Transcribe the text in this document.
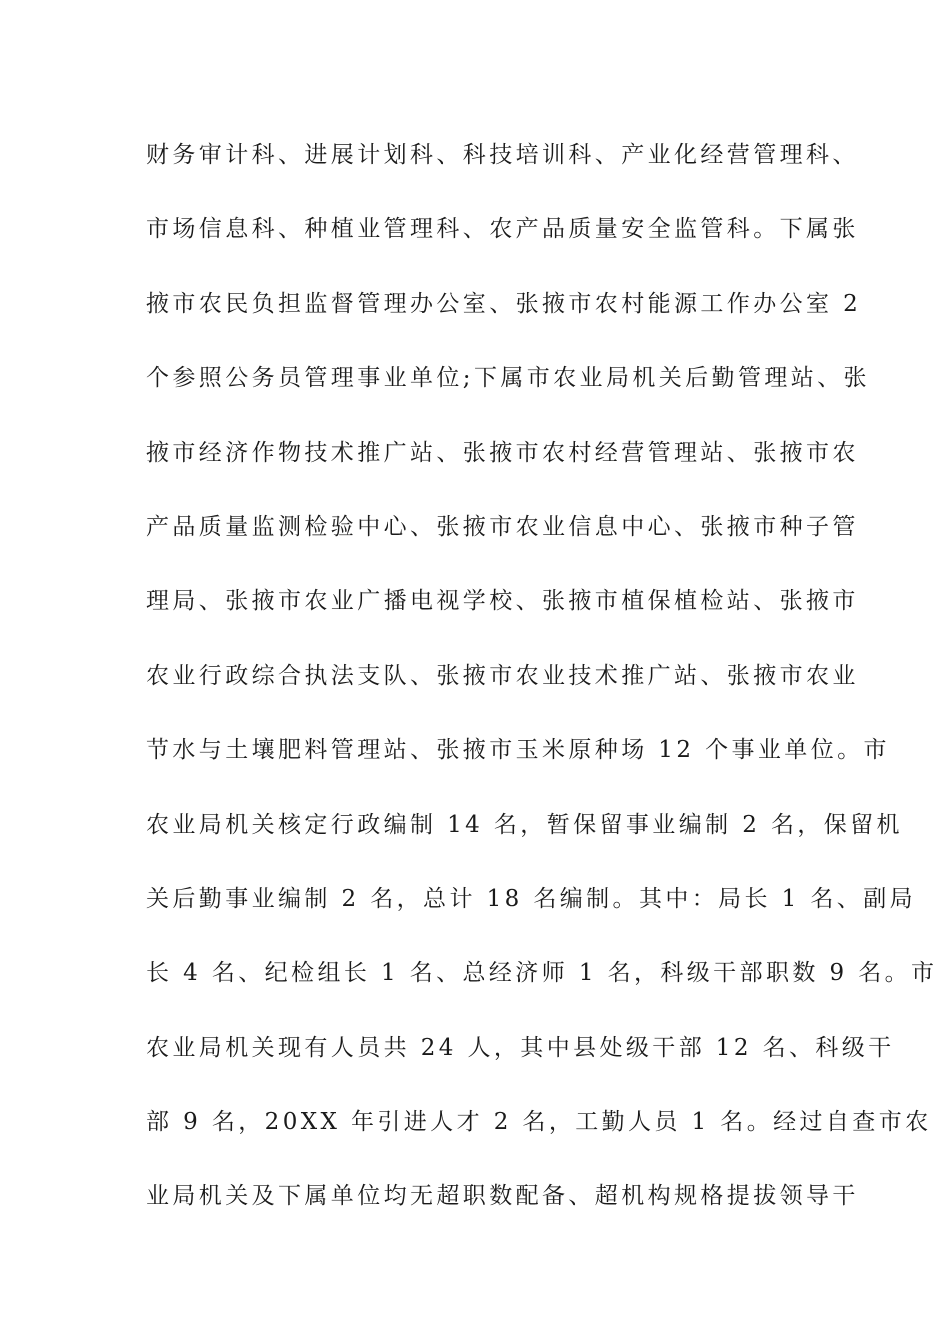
财务审计科、进展计划科、科技培训科、产业化经营管理科、
市场信息科、种植业管理科、农产品质量安全监管科。下属张
掖市农民负担监督管理办公室、张掖市农村能源工作办公室 2
个参照公务员管理事业单位;下属市农业局机关后勤管理站、张
掖市经济作物技术推广站、张掖市农村经营管理站、张掖市农
产品质量监测检验中心、张掖市农业信息中心、张掖市种子管
理局、张掖市农业广播电视学校、张掖市植保植检站、张掖市
农业行政综合执法支队、张掖市农业技术推广站、张掖市农业
节水与土壤肥料管理站、张掖市玉米原种场 12 个事业单位。市
农业局机关核定行政编制 14 名，暂保留事业编制 2 名，保留机
关后勤事业编制 2 名，总计 18 名编制。其中：局长 1 名、副局
长 4 名、纪检组长 1 名、总经济师 1 名，科级干部职数 9 名。市
农业局机关现有人员共 24 人，其中县处级干部 12 名、科级干
部 9 名，20XX 年引进人才 2 名，工勤人员 1 名。经过自查市农
业局机关及下属单位均无超职数配备、超机构规格提拔领导干
